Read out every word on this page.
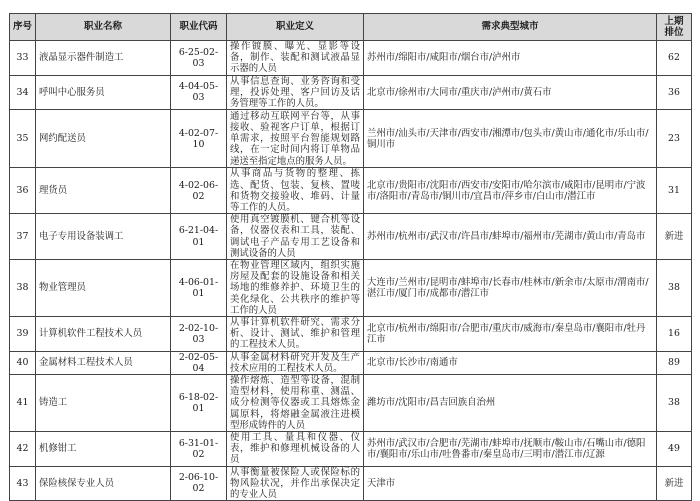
序号	职业名称	职业代码	职业定义	需求典型城市	上期排位
33	液晶显示器件制造工	6-25-02-03	操作镀膜、曝光、显影等设备，制作、装配和测试液晶显示器的人员	苏州市/绵阳市/咸阳市/烟台市/泸州市	62
34	呼叫中心服务员	4-04-05-03	从事信息查询、业务咨询和受理，投诉处理、客户回访及话务管理等工作的人员。	北京市/徐州市/大同市/重庆市/泸州市/黄石市	36
35	网约配送员	4-02-07-10	通过移动互联网平台等，从事接收、验视客户订单，根据订单需求，按照平台智能规划路线，在一定时间内将订单物品递送至指定地点的服务人员。	兰州市/汕头市/天津市/西安市/湘潭市/包头市/黄山市/通化市/乐山市/铜川市	23
36	理货员	4-02-06-02	从事商品与货物的整理、拣选、配货、包装、复核、置唛和货物交接验收、堆码、计量等工作的人员。	北京市/贵阳市/沈阳市/西安市/安阳市/哈尔滨市/咸阳市/昆明市/宁波市/洛阳市/青岛市/铜川市/宜昌市/萍乡市/白山市/潜江市	31
37	电子专用设备装调工	6-21-04-01	使用真空镀膜机、键合机等设备，仪器仪表和工具，装配、调试电子产品专用工艺设备和测试设备的人员	苏州市/杭州市/武汉市/许昌市/蚌埠市/福州市/芜湖市/黄山市/青岛市	新进
38	物业管理员	4-06-01-01	在物业管理区域内，组织实施房屋及配套的设施设备和相关场地的维修养护、环境卫生的美化绿化、公共秩序的维护等工作的人员	大连市/兰州市/昆明市/蚌埠市/长春市/桂林市/新余市/太原市/渭南市/湛江市/厦门市/成都市/潜江市	38
39	计算机软件工程技术人员	2-02-10-03	从事计算机软件研究、需求分析、设计、测试、维护和管理的工程技术人员。	北京市/杭州市/绵阳市/合肥市/重庆市/威海市/秦皇岛市/襄阳市/牡丹江市	16
40	金属材料工程技术人员	2-02-05-04	从事金属材料研究开发及生产技术应用的工程技术人员。	北京市/长沙市/南通市	89
41	铸造工	6-18-02-01	操作熔炼、造型等设备，混制造型材料，使用称重、测温、成分检测等仪器或工具熔炼金属原料，将熔融金属液注进模型形成铸件的人员	潍坊市/沈阳市/昌吉回族自治州	38
42	机修钳工	6-31-01-02	使用工具、量具和仪器、仪表，维护和修理机械设备的人员	苏州市/武汉市/合肥市/芜湖市/蚌埠市/抚顺市/鞍山市/石嘴山市/德阳市/襄阳市/乐山市/吐鲁番市/秦皇岛市/三明市/潜江市/辽源	49
43	保险核保专业人员	2-06-10-02	从事衡量被保险人或保险标的物风险状况，并作出承保决定的专业人员	天津市	新进
